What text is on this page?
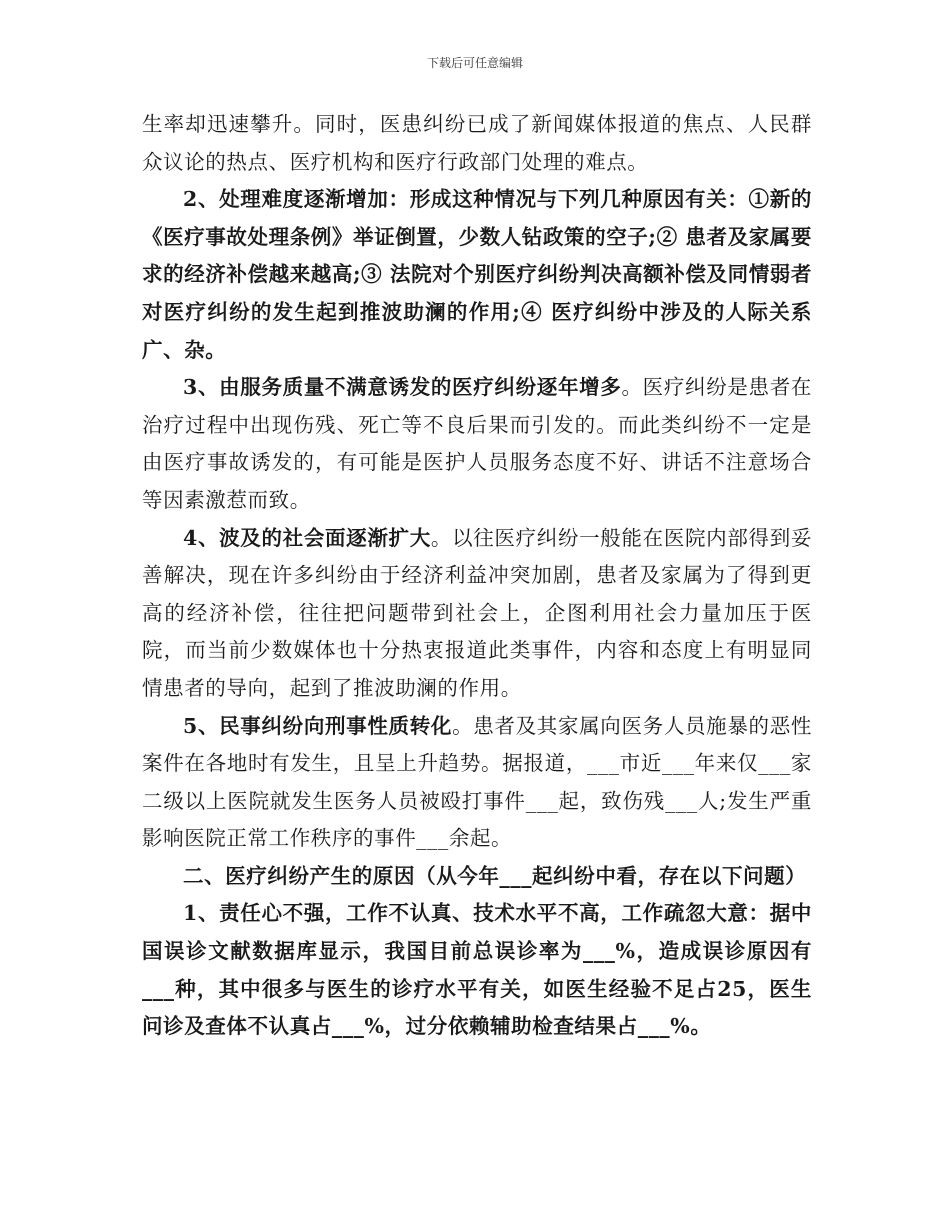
下载后可任意编辑

生率却迅速攀升。同时，医患纠纷已成了新闻媒体报道的焦点、人民群众议论的热点、医疗机构和医疗行政部门处理的难点。

2、处理难度逐渐增加：形成这种情况与下列几种原因有关：①新的《医疗事故处理条例》举证倒置，少数人钻政策的空子;② 患者及家属要求的经济补偿越来越高;③ 法院对个别医疗纠纷判决高额补偿及同情弱者对医疗纠纷的发生起到推波助澜的作用;④ 医疗纠纷中涉及的人际关系广、杂。

3、由服务质量不满意诱发的医疗纠纷逐年增多。医疗纠纷是患者在治疗过程中出现伤残、死亡等不良后果而引发的。而此类纠纷不一定是由医疗事故诱发的，有可能是医护人员服务态度不好、讲话不注意场合等因素激惹而致。

4、波及的社会面逐渐扩大。以往医疗纠纷一般能在医院内部得到妥善解决，现在许多纠纷由于经济利益冲突加剧，患者及家属为了得到更高的经济补偿，往往把问题带到社会上，企图利用社会力量加压于医院，而当前少数媒体也十分热衷报道此类事件，内容和态度上有明显同情患者的导向，起到了推波助澜的作用。

5、民事纠纷向刑事性质转化。患者及其家属向医务人员施暴的恶性案件在各地时有发生，且呈上升趋势。据报道，___市近___年来仅___家二级以上医院就发生医务人员被殴打事件___起，致伤残___人;发生严重影响医院正常工作秩序的事件___余起。

二、医疗纠纷产生的原因（从今年___起纠纷中看，存在以下问题）

1、责任心不强，工作不认真、技术水平不高，工作疏忽大意：据中国误诊文献数据库显示，我国目前总误诊率为___%，造成误诊原因有___种，其中很多与医生的诊疗水平有关，如医生经验不足占25，医生问诊及查体不认真占___%，过分依赖辅助检查结果占___%。
